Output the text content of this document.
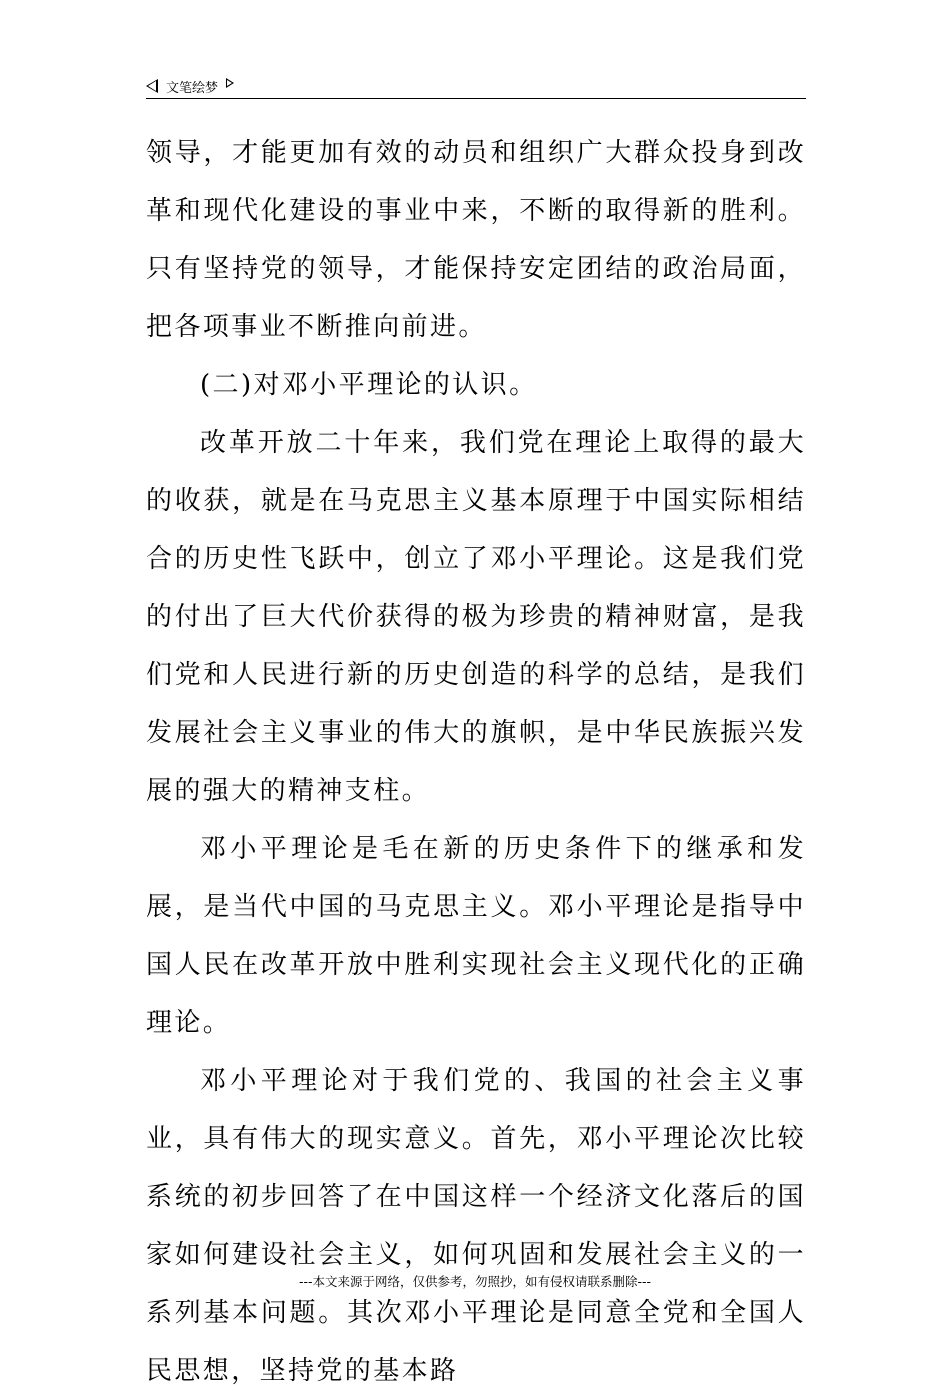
文笔绘梦

领导，才能更加有效的动员和组织广大群众投身到改革和现代化建设的事业中来，不断的取得新的胜利。只有坚持党的领导，才能保持安定团结的政治局面，把各项事业不断推向前进。

(二)对邓小平理论的认识。

改革开放二十年来，我们党在理论上取得的最大的收获，就是在马克思主义基本原理于中国实际相结合的历史性飞跃中，创立了邓小平理论。这是我们党的付出了巨大代价获得的极为珍贵的精神财富，是我们党和人民进行新的历史创造的科学的总结，是我们发展社会主义事业的伟大的旗帜，是中华民族振兴发展的强大的精神支柱。

邓小平理论是毛在新的历史条件下的继承和发展，是当代中国的马克思主义。邓小平理论是指导中国人民在改革开放中胜利实现社会主义现代化的正确理论。

邓小平理论对于我们党的、我国的社会主义事业，具有伟大的现实意义。首先，邓小平理论次比较系统的初步回答了在中国这样一个经济文化落后的国家如何建设社会主义，如何巩固和发展社会主义的一系列基本问题。其次邓小平理论是同意全党和全国人民思想，坚持党的基本路

---本文来源于网络，仅供参考，勿照抄，如有侵权请联系删除---
